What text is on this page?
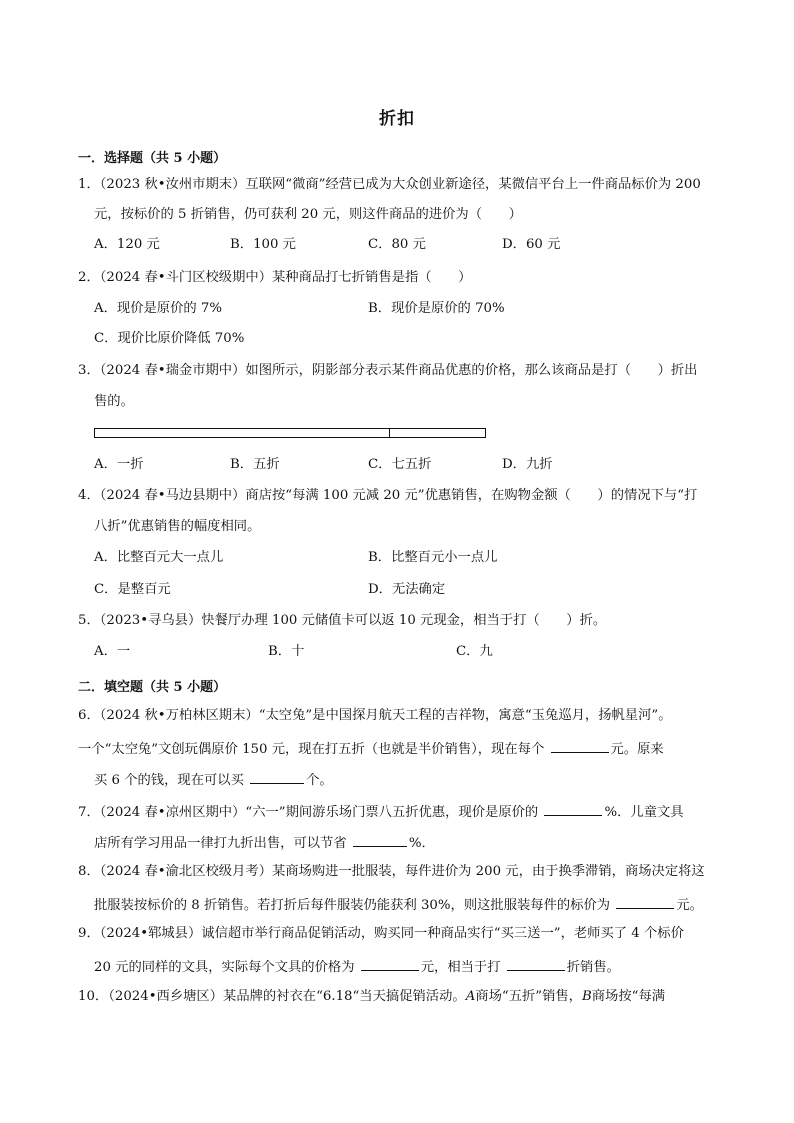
折扣
一．选择题（共 5 小题）
1．（2023 秋•汝州市期末）互联网“微商”经营已成为大众创业新途径，某微信平台上一件商品标价为 200
元，按标价的 5 折销售，仍可获利 20 元，则这件商品的进价为（　　）
A．120 元	B．100 元	C．80 元	D．60 元
2．（2024 春•斗门区校级期中）某种商品打七折销售是指（　　）
A．现价是原价的 7%	B．现价是原价的 70%
C．现价比原价降低 70%
3．（2024 春•瑞金市期中）如图所示，阴影部分表示某件商品优惠的价格，那么该商品是打（　　）折出
售的。
A．一折	B．五折	C．七五折	D．九折
4．（2024 春•马边县期中）商店按“每满 100 元减 20 元”优惠销售，在购物金额（　　）的情况下与“打
八折”优惠销售的幅度相同。
A．比整百元大一点儿	B．比整百元小一点儿
C．是整百元	D．无法确定
5．（2023•寻乌县）快餐厅办理 100 元储值卡可以返 10 元现金，相当于打（　　）折。
A．一	B．十	C．九
二．填空题（共 5 小题）
6．（2024 秋•万柏林区期末）“太空兔”是中国探月航天工程的吉祥物，寓意“玉兔巡月，扬帆星河”。
一个“太空兔”文创玩偶原价 150 元，现在打五折（也就是半价销售），现在每个	元。原来
买 6 个的钱，现在可以买	个。
7．（2024 春•凉州区期中）“六一”期间游乐场门票八五折优惠，现价是原价的	%．儿童文具
店所有学习用品一律打九折出售，可以节省	%．
8．（2024 春•渝北区校级月考）某商场购进一批服装，每件进价为 200 元，由于换季滞销，商场决定将这
批服装按标价的 8 折销售。若打折后每件服装仍能获利 30%，则这批服装每件的标价为	元。
9．（2024•郓城县）诚信超市举行商品促销活动，购买同一种商品实行“买三送一”，老师买了 4 个标价
20 元的同样的文具，实际每个文具的价格为	元，相当于打	折销售。
10．（2024•西乡塘区）某品牌的衬衣在“6.18“当天搞促销活动。A商场“五折”销售，B商场按“每满
